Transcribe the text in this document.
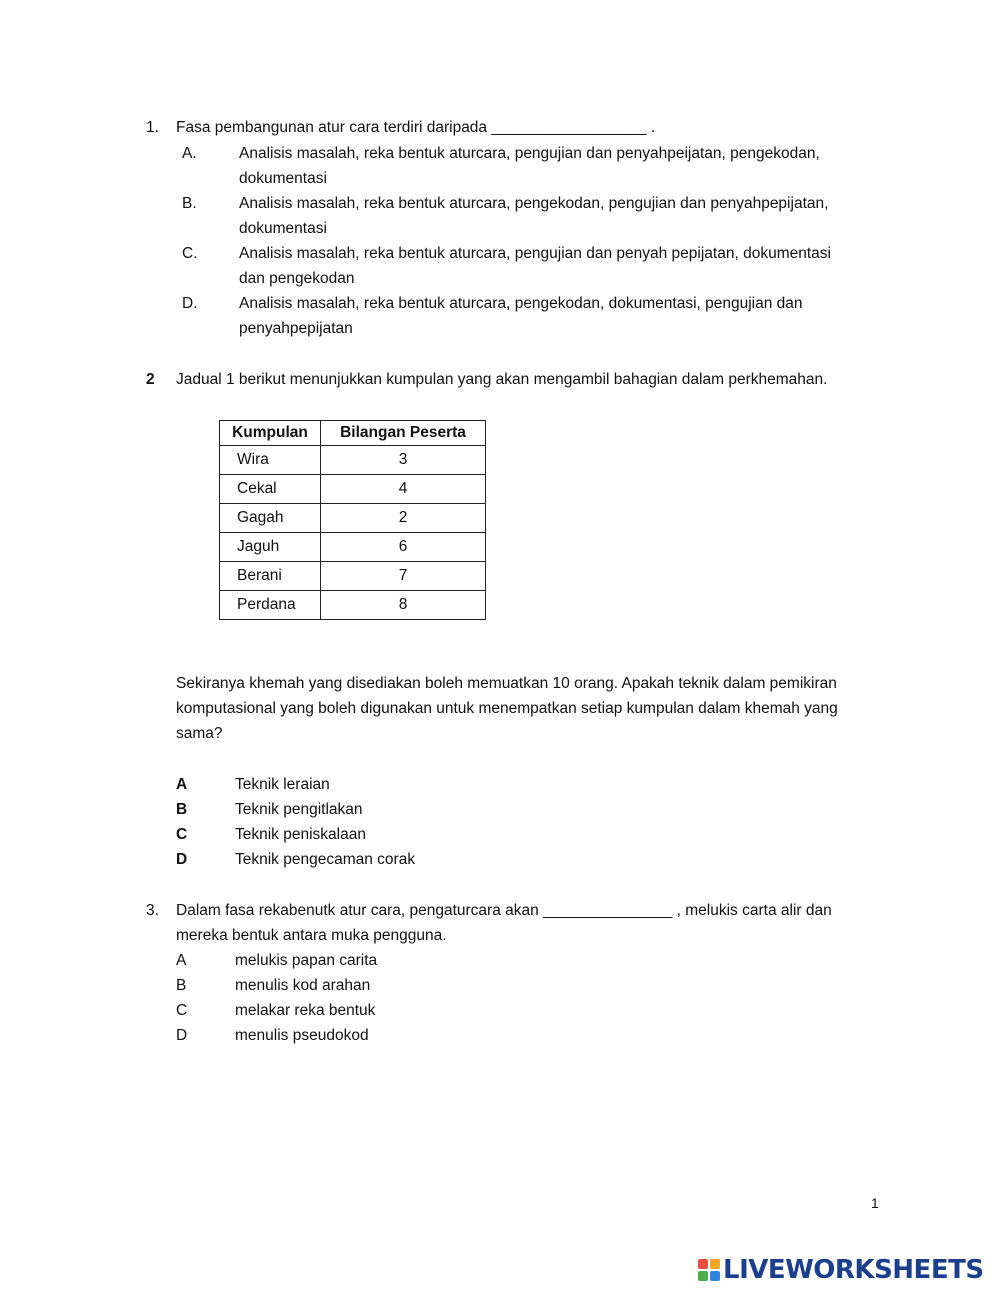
1. Fasa pembangunan atur cara terdiri daripada __________________ .
A.	Analisis masalah, reka bentuk aturcara, pengujian dan penyahpeijatan, pengekodan,
dokumentasi
B.	Analisis masalah, reka bentuk aturcara, pengekodan, pengujian dan penyahpepijatan,
dokumentasi
C.	Analisis masalah, reka bentuk aturcara, pengujian dan penyah pepijatan, dokumentasi
dan pengekodan
D.	Analisis masalah, reka bentuk aturcara, pengekodan, dokumentasi, pengujian dan
penyahpepijatan
2 Jadual 1 berikut menunjukkan kumpulan yang akan mengambil bahagian dalam perkhemahan.
Kumpulan	Bilangan Peserta
Wira	3
Cekal	4
Gagah	2
Jaguh	6
Berani	7
Perdana	8
Sekiranya khemah yang disediakan boleh memuatkan 10 orang. Apakah teknik dalam pemikiran
komputasional yang boleh digunakan untuk menempatkan setiap kumpulan dalam khemah yang
sama?
A	Teknik leraian
B	Teknik pengitlakan
C	Teknik peniskalaan
D	Teknik pengecaman corak
3. Dalam fasa rekabenutk atur cara, pengaturcara akan _______________ , melukis carta alir dan
mereka bentuk antara muka pengguna.
A	melukis papan carita
B	menulis kod arahan
C	melakar reka bentuk
D	menulis pseudokod
1
LIVEWORKSHEETS
